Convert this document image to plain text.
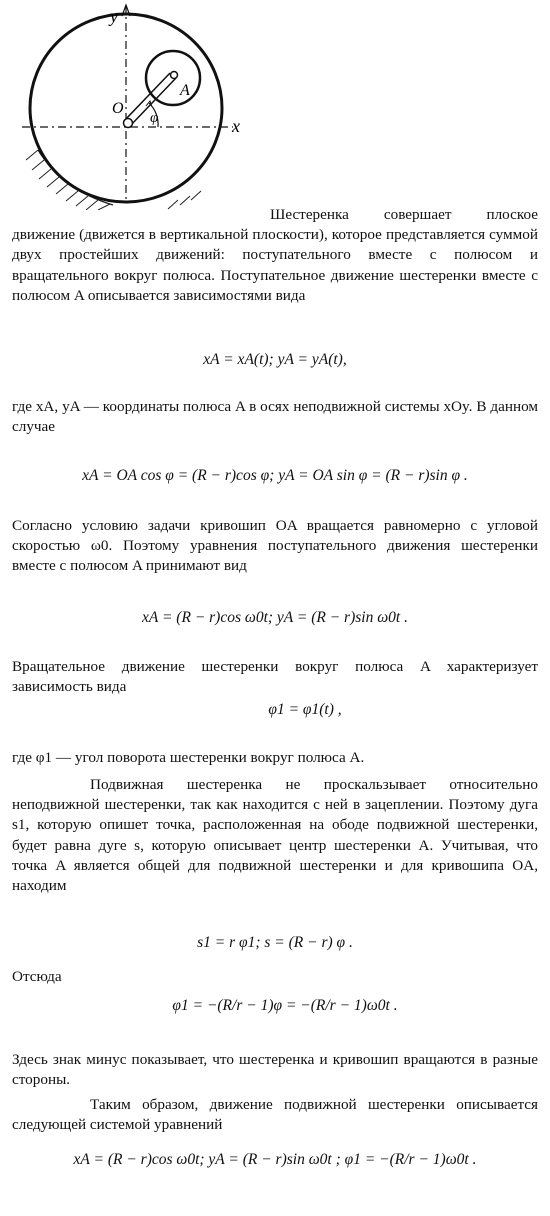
y
x
A
O
φ

Шестеренка совершает плоское движение (движется в вертикальной плоскости), которое представляется суммой двух простейших движений: поступательного вместе с полюсом и вращательного вокруг полюса. Поступательное движение шестеренки вместе с полюсом A описывается зависимостями вида

xA = xA(t); yA = yA(t),

где xA, yA — координаты полюса A в осях неподвижной системы xOy. В данном случае

xA = OA cos φ = (R − r)cos φ; yA = OA sin φ = (R − r)sin φ .

Согласно условию задачи кривошип OA вращается равномерно с угловой скоростью ω0. Поэтому уравнения поступательного движения шестеренки вместе с полюсом A принимают вид

xA = (R − r)cos ω0t; yA = (R − r)sin ω0t .

Вращательное движение шестеренки вокруг полюса A характеризует зависимость вида

φ1 = φ1(t) ,

где φ1 — угол поворота шестеренки вокруг полюса A.

Подвижная шестеренка не проскальзывает относительно неподвижной шестеренки, так как находится с ней в зацеплении. Поэтому дуга s1, которую опишет точка, расположенная на ободе подвижной шестеренки, будет равна дуге s, которую описывает центр шестеренки A. Учитывая, что точка A является общей для подвижной шестеренки и для кривошипа OA, находим

s1 = r φ1; s = (R − r) φ .

Отсюда

φ1 = −(R/r − 1)φ = −(R/r − 1)ω0t .

Здесь знак минус показывает, что шестеренка и кривошип вращаются в разные стороны.

Таким образом, движение подвижной шестеренки описывается следующей системой уравнений

xA = (R − r)cos ω0t; yA = (R − r)sin ω0t ; φ1 = −(R/r − 1)ω0t .
